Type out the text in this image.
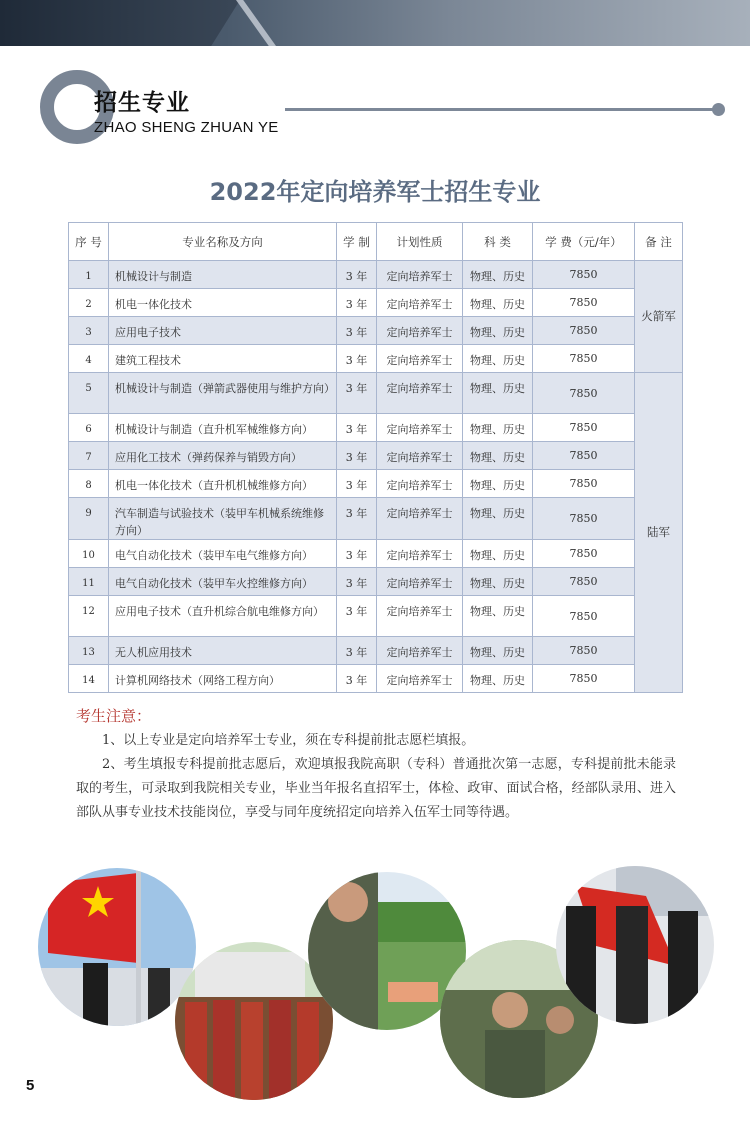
招生专业
ZHAO SHENG ZHUAN YE
2022年定向培养军士招生专业
序 号	专业名称及方向	学 制	计划性质	科 类	学 费（元/年）	备 注
1	机械设计与制造	3 年	定向培养军士	物理、历史	7850	火箭军
2	机电一体化技术	3 年	定向培养军士	物理、历史	7850	
3	应用电子技术	3 年	定向培养军士	物理、历史	7850	
4	建筑工程技术	3 年	定向培养军士	物理、历史	7850	
5	机械设计与制造（弹箭武器使用与维护方向）	3 年	定向培养军士	物理、历史	7850	陆军
6	机械设计与制造（直升机军械维修方向）	3 年	定向培养军士	物理、历史	7850	
7	应用化工技术（弹药保养与销毁方向）	3 年	定向培养军士	物理、历史	7850	
8	机电一体化技术（直升机机械维修方向）	3 年	定向培养军士	物理、历史	7850	
9	汽车制造与试验技术（装甲车机械系统维修方向）	3 年	定向培养军士	物理、历史	7850	
10	电气自动化技术（装甲车电气维修方向）	3 年	定向培养军士	物理、历史	7850	
11	电气自动化技术（装甲车火控维修方向）	3 年	定向培养军士	物理、历史	7850	
12	应用电子技术（直升机综合航电维修方向）	3 年	定向培养军士	物理、历史	7850	
13	无人机应用技术	3 年	定向培养军士	物理、历史	7850	
14	计算机网络技术（网络工程方向）	3 年	定向培养军士	物理、历史	7850	
考生注意：

1、以上专业是定向培养军士专业，须在专科提前批志愿栏填报。

2、考生填报专科提前批志愿后，欢迎填报我院高职（专科）普通批次第一志愿，专科提前批未能录取的考生，可录取到我院相关专业，毕业当年报名直招军士，体检、政审、面试合格，经部队录用、进入部队从事专业技术技能岗位，享受与同年度统招定向培养入伍军士同等待遇。

5
